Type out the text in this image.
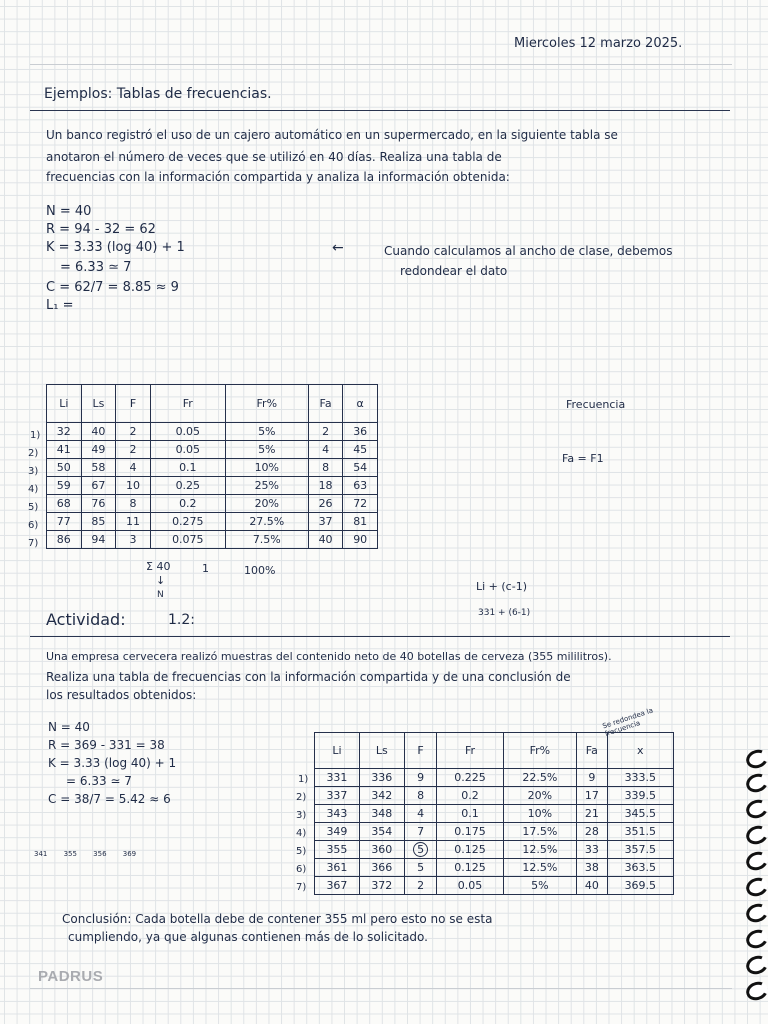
Miercoles 12 marzo 2025.
Ejemplos: Tablas de frecuencias.
Un banco registró el uso de un cajero automático en un supermercado, en la siguiente tabla se
anotaron el número de veces que se utilizó en 40 días. Realiza una tabla de
frecuencias con la información compartida y analiza la información obtenida:
N = 40
R = 94 - 32 = 62
K = 3.33 (log 40) + 1
= 6.33 ≃ 7
C = 62/7 = 8.85 ≈ 9
L₁ =
←	Cuando calculamos al ancho de clase, debemos
redondear el dato
1)
2)
3)
4)
5)
6)
7)
Li	Ls	F	Fr	Fr%	Fa	α
32	40	2	0.05	5%	2	36
41	49	2	0.05	5%	4	45
50	58	4	0.1	10%	8	54
59	67	10	0.25	25%	18	63
68	76	8	0.2	20%	26	72
77	85	11	0.275	27.5%	37	81
86	94	3	0.075	7.5%	40	90
Σ 40	1	100%
↓
N
Frecuencia
Fa = F1
Li + (c-1)
331 + (6-1)
Actividad:	1.2:
Una empresa cervecera realizó muestras del contenido neto de 40 botellas de cerveza (355 mililitros).
Realiza una tabla de frecuencias con la información compartida y de una conclusión de
los resultados obtenidos:
N = 40
R = 369 - 331 = 38
K = 3.33 (log 40) + 1
= 6.33 ≃ 7
C = 38/7 = 5.42 ≈ 6
341 355 356 369
Se redondea la frecuencia
1)
2)
3)
4)
5)
6)
7)
Li	Ls	F	Fr	Fr%	Fa	x
331	336	9	0.225	22.5%	9	333.5
337	342	8	0.2	20%	17	339.5
343	348	4	0.1	10%	21	345.5
349	354	7	0.175	17.5%	28	351.5
355	360	5	0.125	12.5%	33	357.5
361	366	5	0.125	12.5%	38	363.5
367	372	2	0.05	5%	40	369.5
Conclusión: Cada botella debe de contener 355 ml pero esto no se esta
cumpliendo, ya que algunas contienen más de lo solicitado.
PADRUS
